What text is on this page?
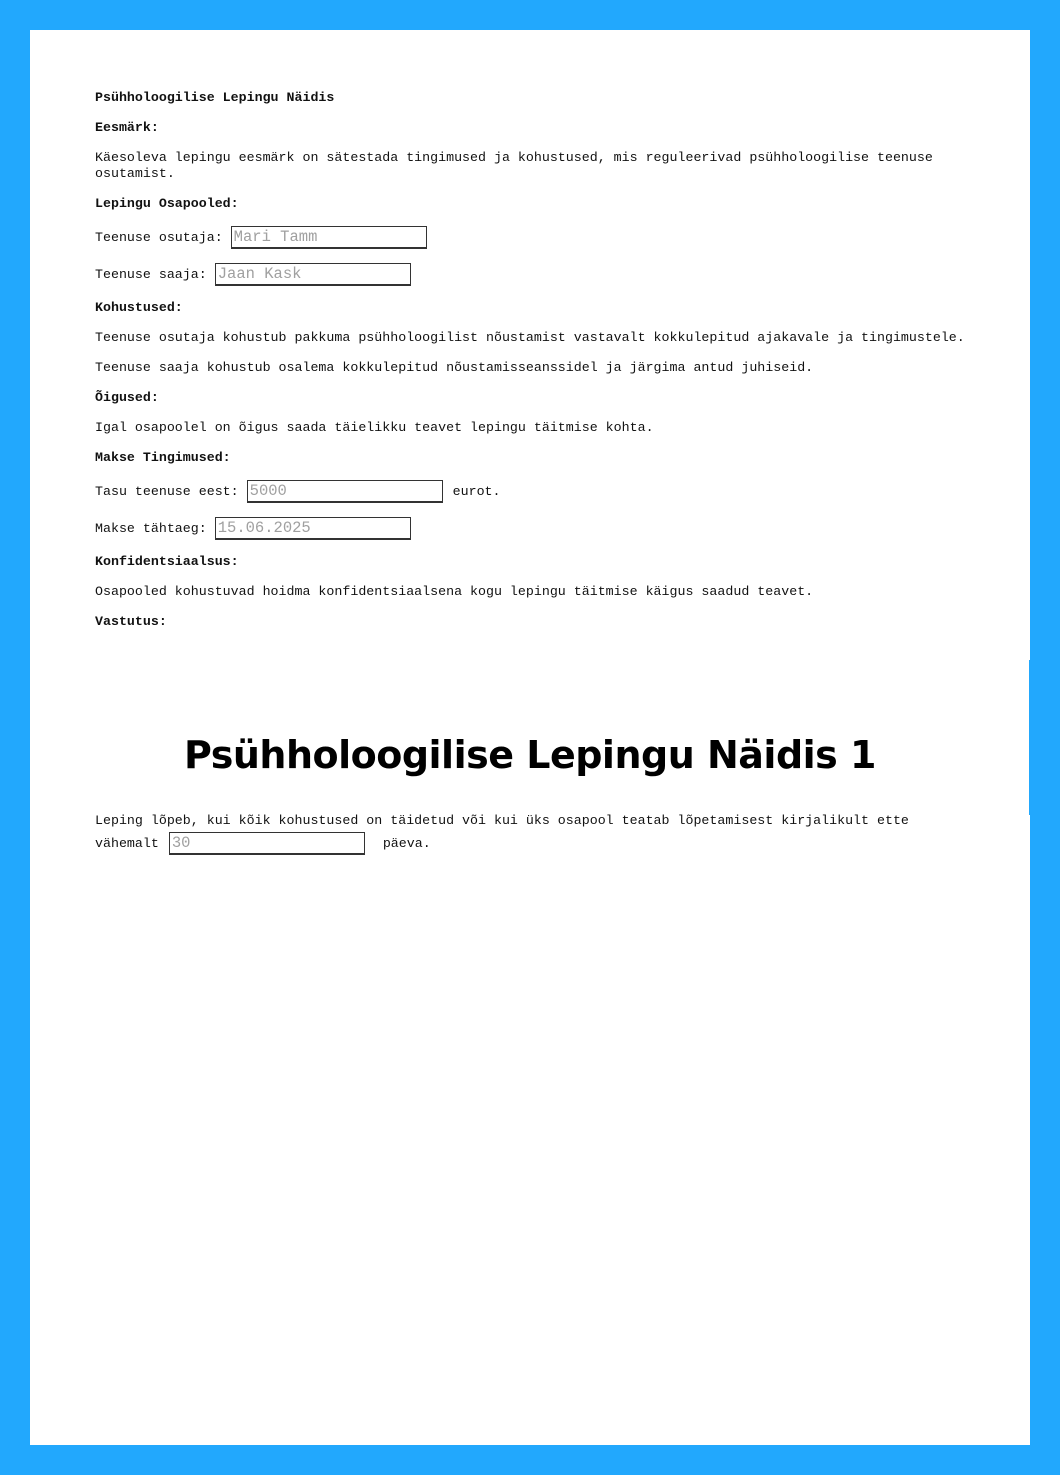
Psühholoogilise Lepingu Näidis
Eesmärk:
Käesoleva lepingu eesmärk on sätestada tingimused ja kohustused, mis reguleerivad psühholoogilise teenuse osutamist.
Lepingu Osapooled:
Teenuse osutaja: Mari Tamm
Teenuse saaja: Jaan Kask
Kohustused:
Teenuse osutaja kohustub pakkuma psühholoogilist nõustamist vastavalt kokkulepitud ajakavale ja tingimustele.
Teenuse saaja kohustub osalema kokkulepitud nõustamisseanssidel ja järgima antud juhiseid.
Õigused:
Igal osapoolel on õigus saada täielikku teavet lepingu täitmise kohta.
Makse Tingimused:
Tasu teenuse eest: 5000	eurot.
Makse tähtaeg: 15.06.2025
Konfidentsiaalsus:
Osapooled kohustuvad hoidma konfidentsiaalsena kogu lepingu täitmise käigus saadud teavet.
Vastutus:
Psühholoogilise Lepingu Näidis 1
Leping lõpeb, kui kõik kohustused on täidetud või kui üks osapool teatab lõpetamisest kirjalikult ette vähemalt 30	päeva.
